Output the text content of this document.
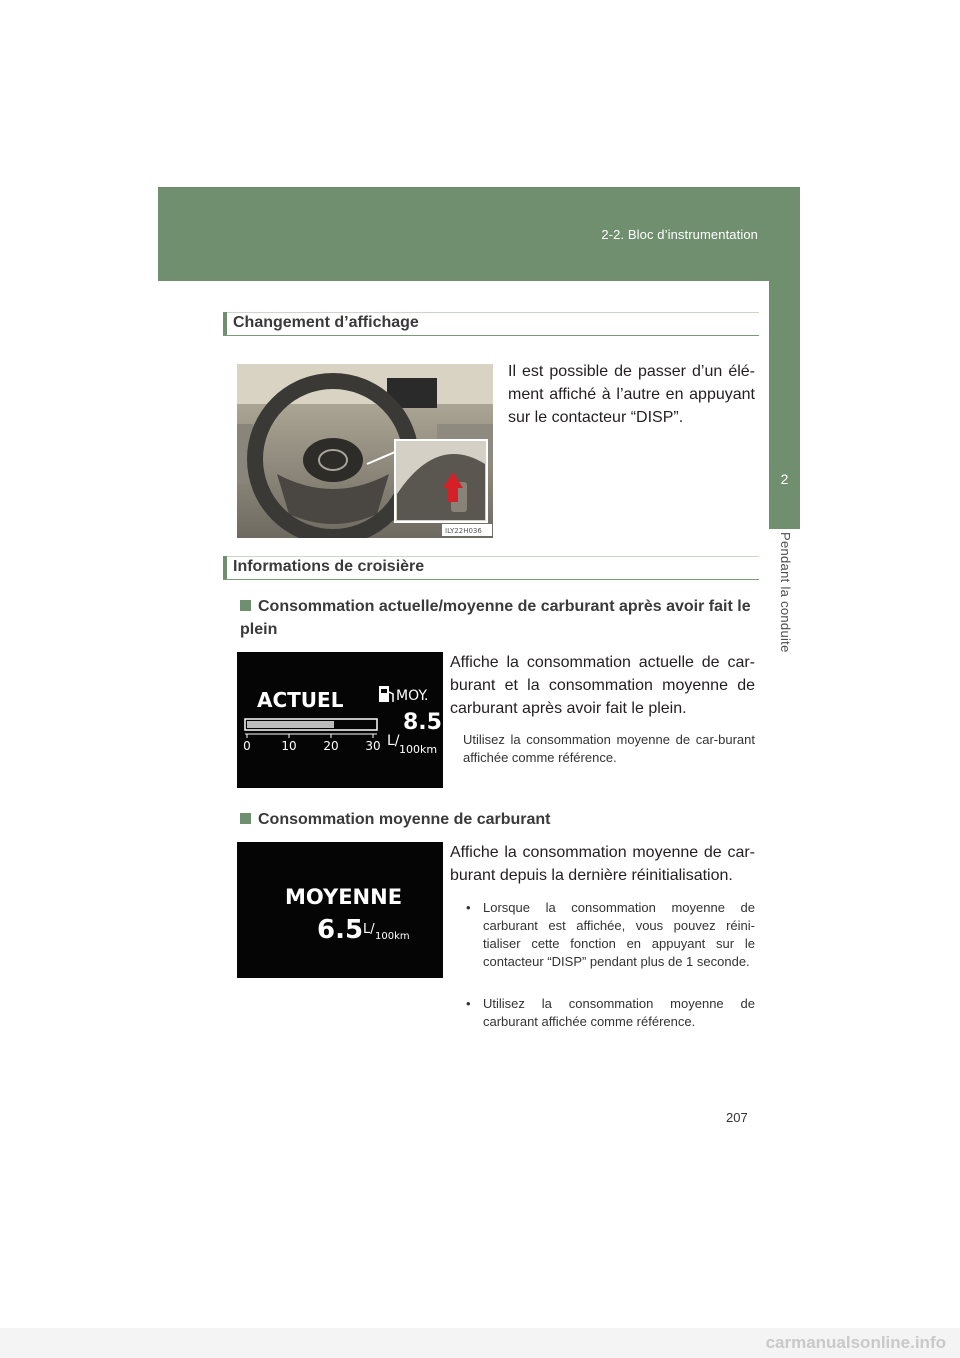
2-2. Bloc d’instrumentation
2
Pendant la conduite
Changement d’affichage
ILY22H036
Il est possible de passer d’un élé-ment affiché à l’autre en appuyant sur le contacteur “DISP”.
Informations de croisière
Consommation actuelle/moyenne de carburant après avoir fait le plein
ACTUEL	MOY.
8.5
0	10 20 30 L/
100km
Affiche la consommation actuelle de car-burant et la consommation moyenne de carburant après avoir fait le plein.
Utilisez la consommation moyenne de car-burant affichée comme référence.
Consommation moyenne de carburant
MOYENNE
6.5 L/ 100km
Affiche la consommation moyenne de car-burant depuis la dernière réinitialisation.
• Lorsque la consommation moyenne de carburant est affichée, vous pouvez réini-tialiser cette fonction en appuyant sur le contacteur “DISP” pendant plus de 1 seconde.
• Utilisez la consommation moyenne de carburant affichée comme référence.
207
carmanualsonline.info
